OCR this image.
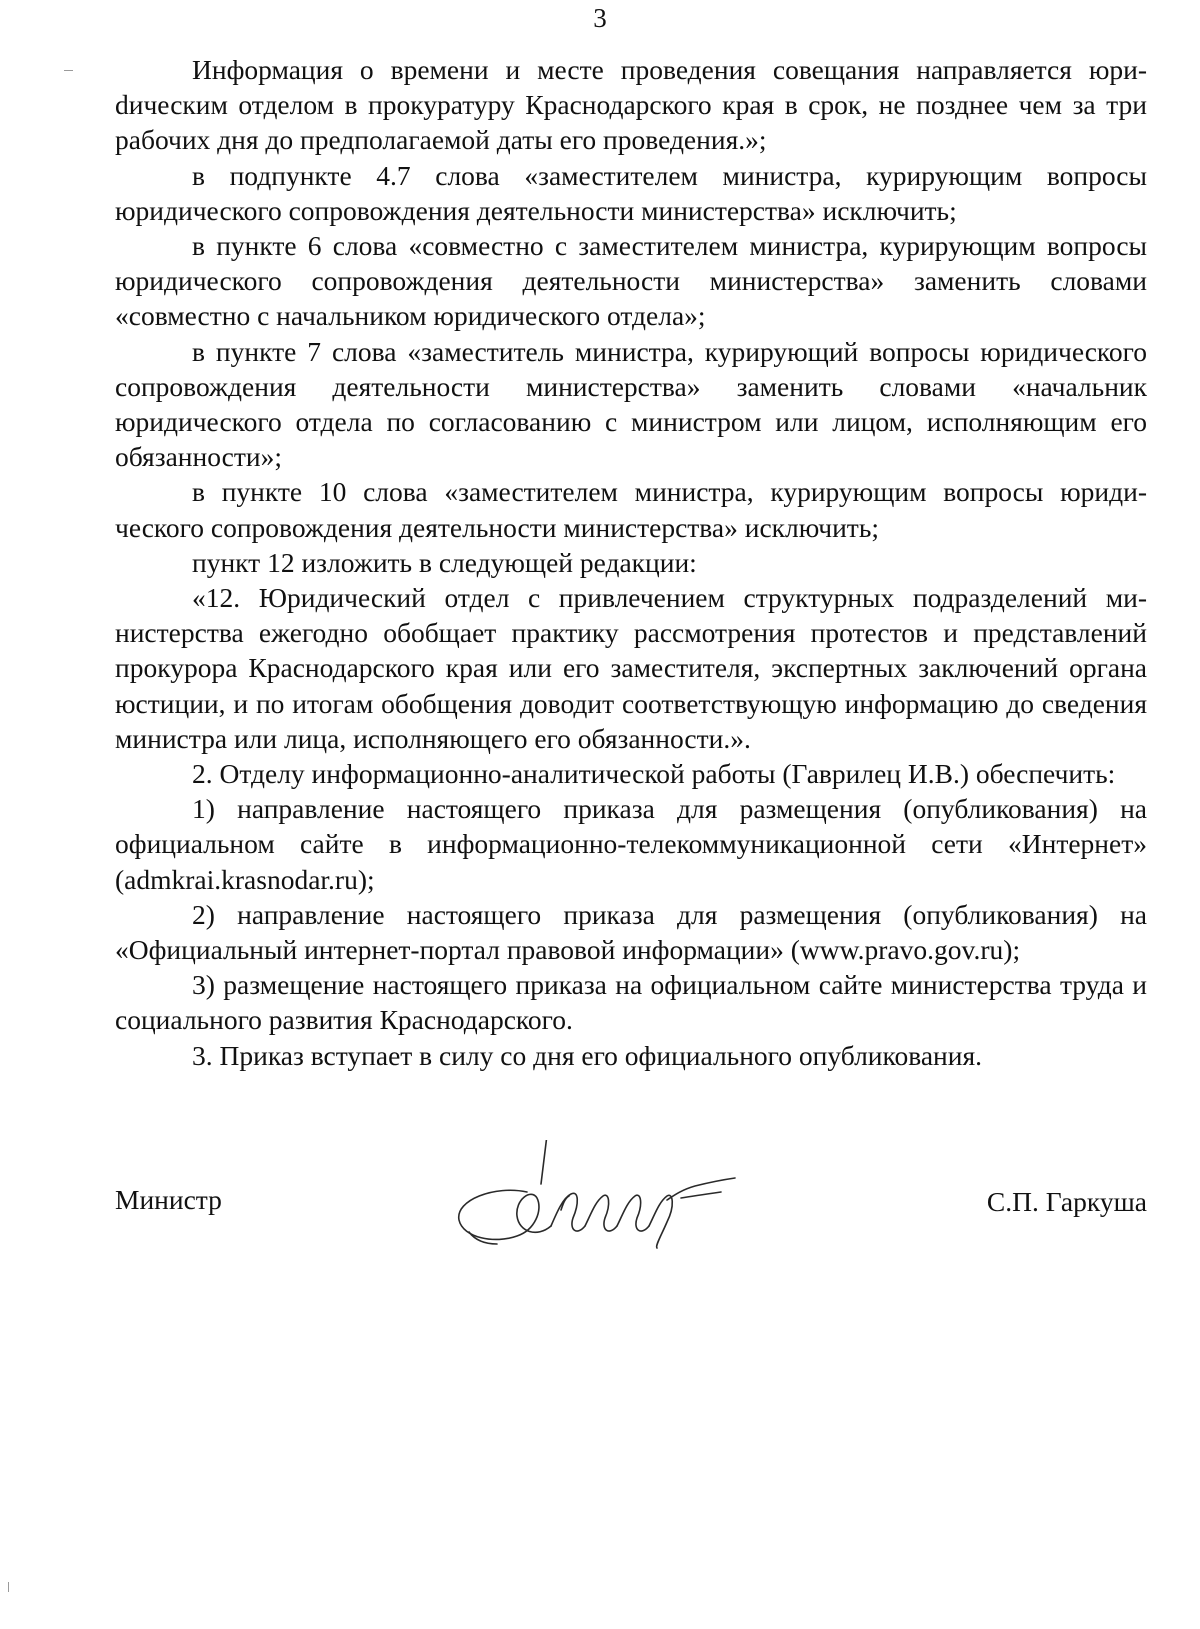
3

Информация о времени и месте проведения совещания направляется юриdическим отделом в прокуратуру Краснодарского края в срок, не позднее чем за три рабочих дня до предполагаемой даты его проведения.»;

в подпункте 4.7 слова «заместителем министра, курирующим вопросы юридического сопровождения деятельности министерства» исключить;

в пункте 6 слова «совместно с заместителем министра, курирующим вопросы юридического сопровождения деятельности министерства» заменить словами «совместно с начальником юридического отдела»;

в пункте 7 слова «заместитель министра, курирующий вопросы юридического сопровождения деятельности министерства» заменить словами «начальник юридического отдела по согласованию с министром или лицом, исполняющим его обязанности»;

в пункте 10 слова «заместителем министра, курирующим вопросы юридического сопровождения деятельности министерства» исключить;

пункт 12 изложить в следующей редакции:

«12. Юридический отдел с привлечением структурных подразделений министерства ежегодно обобщает практику рассмотрения протестов и представлений прокурора Краснодарского края или его заместителя, экспертных заключений органа юстиции, и по итогам обобщения доводит соответствующую информацию до сведения министра или лица, исполняющего его обязанности.».

2. Отделу информационно-аналитической работы (Гаврилец И.В.) обеспечить:

1) направление настоящего приказа для размещения (опубликования) на официальном сайте в информационно-телекоммуникационной сети «Интернет» (admkrai.krasnodar.ru);

2) направление настоящего приказа для размещения (опубликования) на «Официальный интернет-портал правовой информации» (www.pravo.gov.ru);

3) размещение настоящего приказа на официальном сайте министерства труда и социального развития Краснодарского.

3. Приказ вступает в силу со дня его официального опубликования.

Министр	С.П. Гаркуша
